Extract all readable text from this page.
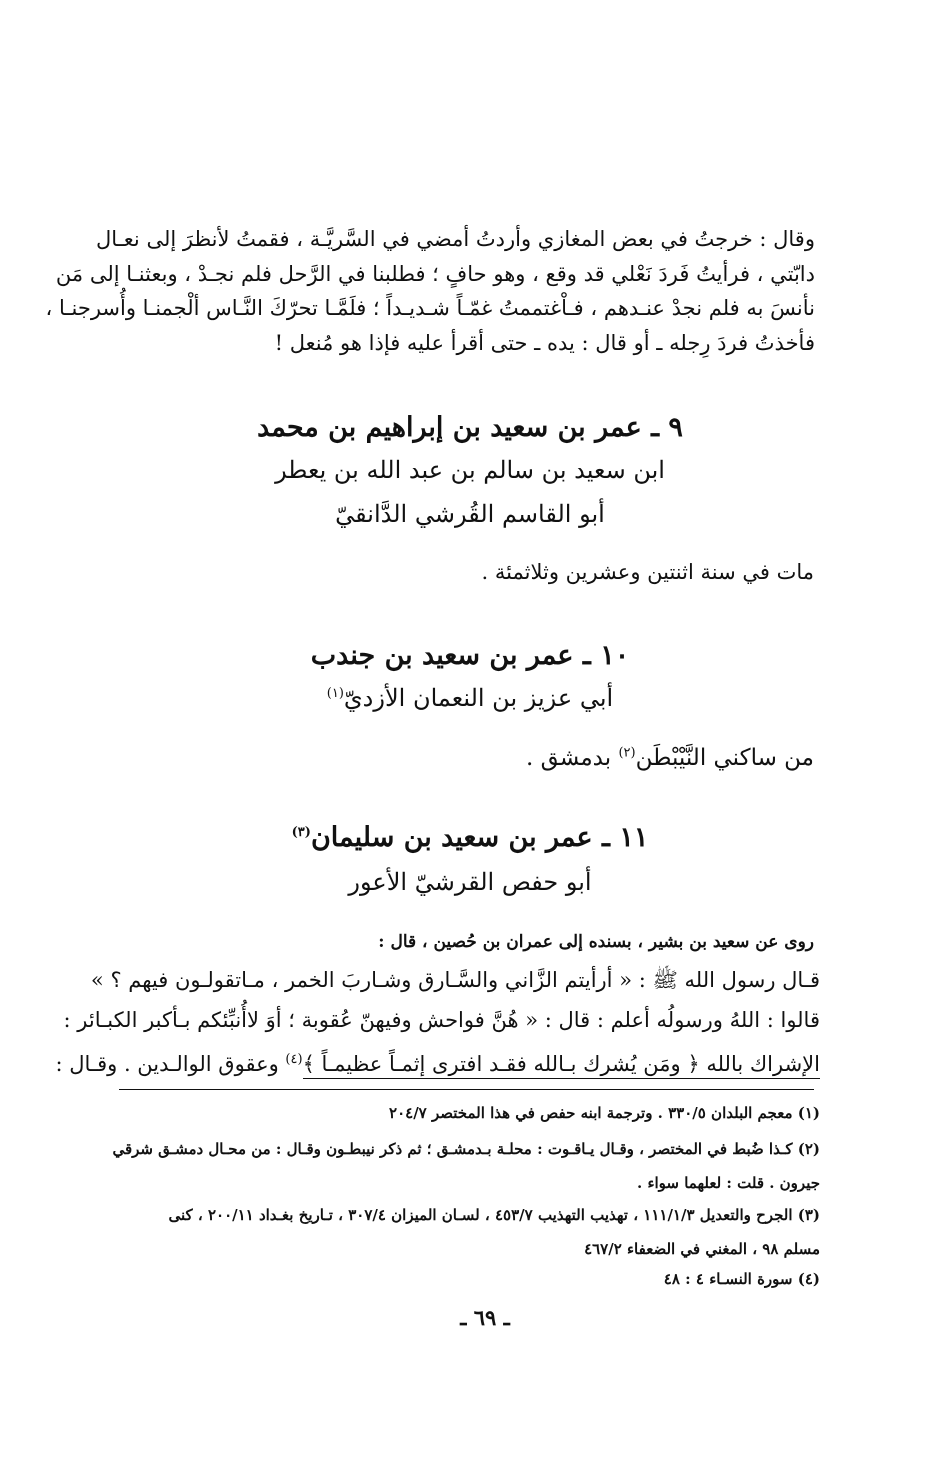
وقال : خرجتُ في بعض المغازي وأردتُ أمضي في السَّريَّـة ، فقمتُ لأنظرَ إلى نعـال
دابّتي ، فرأيتُ فَردَ نَعْلي قد وقع ، وهو حافٍ ؛ فطلبنا في الرَّحل فلم نجـدْ ، وبعثنـا إلى مَن
نأنسَ به فلم نجدْ عنـدهم ، فـاْغتممتُ غمّـاً شـديـداً ؛ فلَمَّـا تحرّكَ النَّـاس ألْجمنـا وأُسرجنـا ،
فأخذتُ فردَ رِجله ـ أو قال : يده ـ حتى أقرأ عليه فإذا هو مُنعل !
٩ ـ عمر بن سعيد بن إبراهيم بن محمد
ابن سعيد بن سالم بن عبد الله بن يعطر
أبو القاسم القُرشي الدَّانقيّ
مات في سنة اثنتين وعشرين وثلاثمئة .
١٠ ـ عمر بن سعيد بن جندب
أبي عزيز بن النعمان الأزديّ$^{(١)}$
من ساكني النَّيْبْطَن$^{(٢)}$ بدمشق .
١١ ـ عمر بن سعيد بن سليمان$^{(٣)}$
أبو حفص القرشيّ الأعور
روى عن سعيد بن بشير ، بسنده إلى عمران بن حُصين ، قال :
قـال رسول الله ﷺ : « أرأيتم الزَّاني والسَّـارق وشـاربَ الخمر ، مـاتقولـون فيهم ؟ »
قالوا : اللهُ ورسولُه أعلم : قال : « هُنَّ فواحش وفيهنّ عُقوبة ؛ أوَ لاأُنبِّئكم بـأكبر الكبـائر :
الإشراك بالله ﴿ ومَن يُشرك بـالله فقـد افترى إثمـاً عظيمـاً ﴾$^{(٤)}$ وعقوق الوالـدين . وقـال :
(١) معجم البلدان ٣٣٠/٥ . وترجمة ابنه حفص في هذا المختصر ٢٠٤/٧
(٢) كـذا ضُبط في المختصر ، وقـال يـاقـوت : محلـة بـدمشـق ؛ ثم ذكر نيبطـون وقـال : من محـال دمشـق شرقي
جيرون . قلت : لعلهما سواء .
(٣) الجرح والتعديل ١١١/١/٣ ، تهذيب التهذيب ٤٥٣/٧ ، لسـان الميزان ٣٠٧/٤ ، تـاريخ بغـداد ٢٠٠/١١ ، كنى
مسلم ٩٨ ، المغني في الضعفاء ٤٦٧/٢
(٤) سورة النسـاء ٤ : ٤٨
ـ ٦٩ ـ
